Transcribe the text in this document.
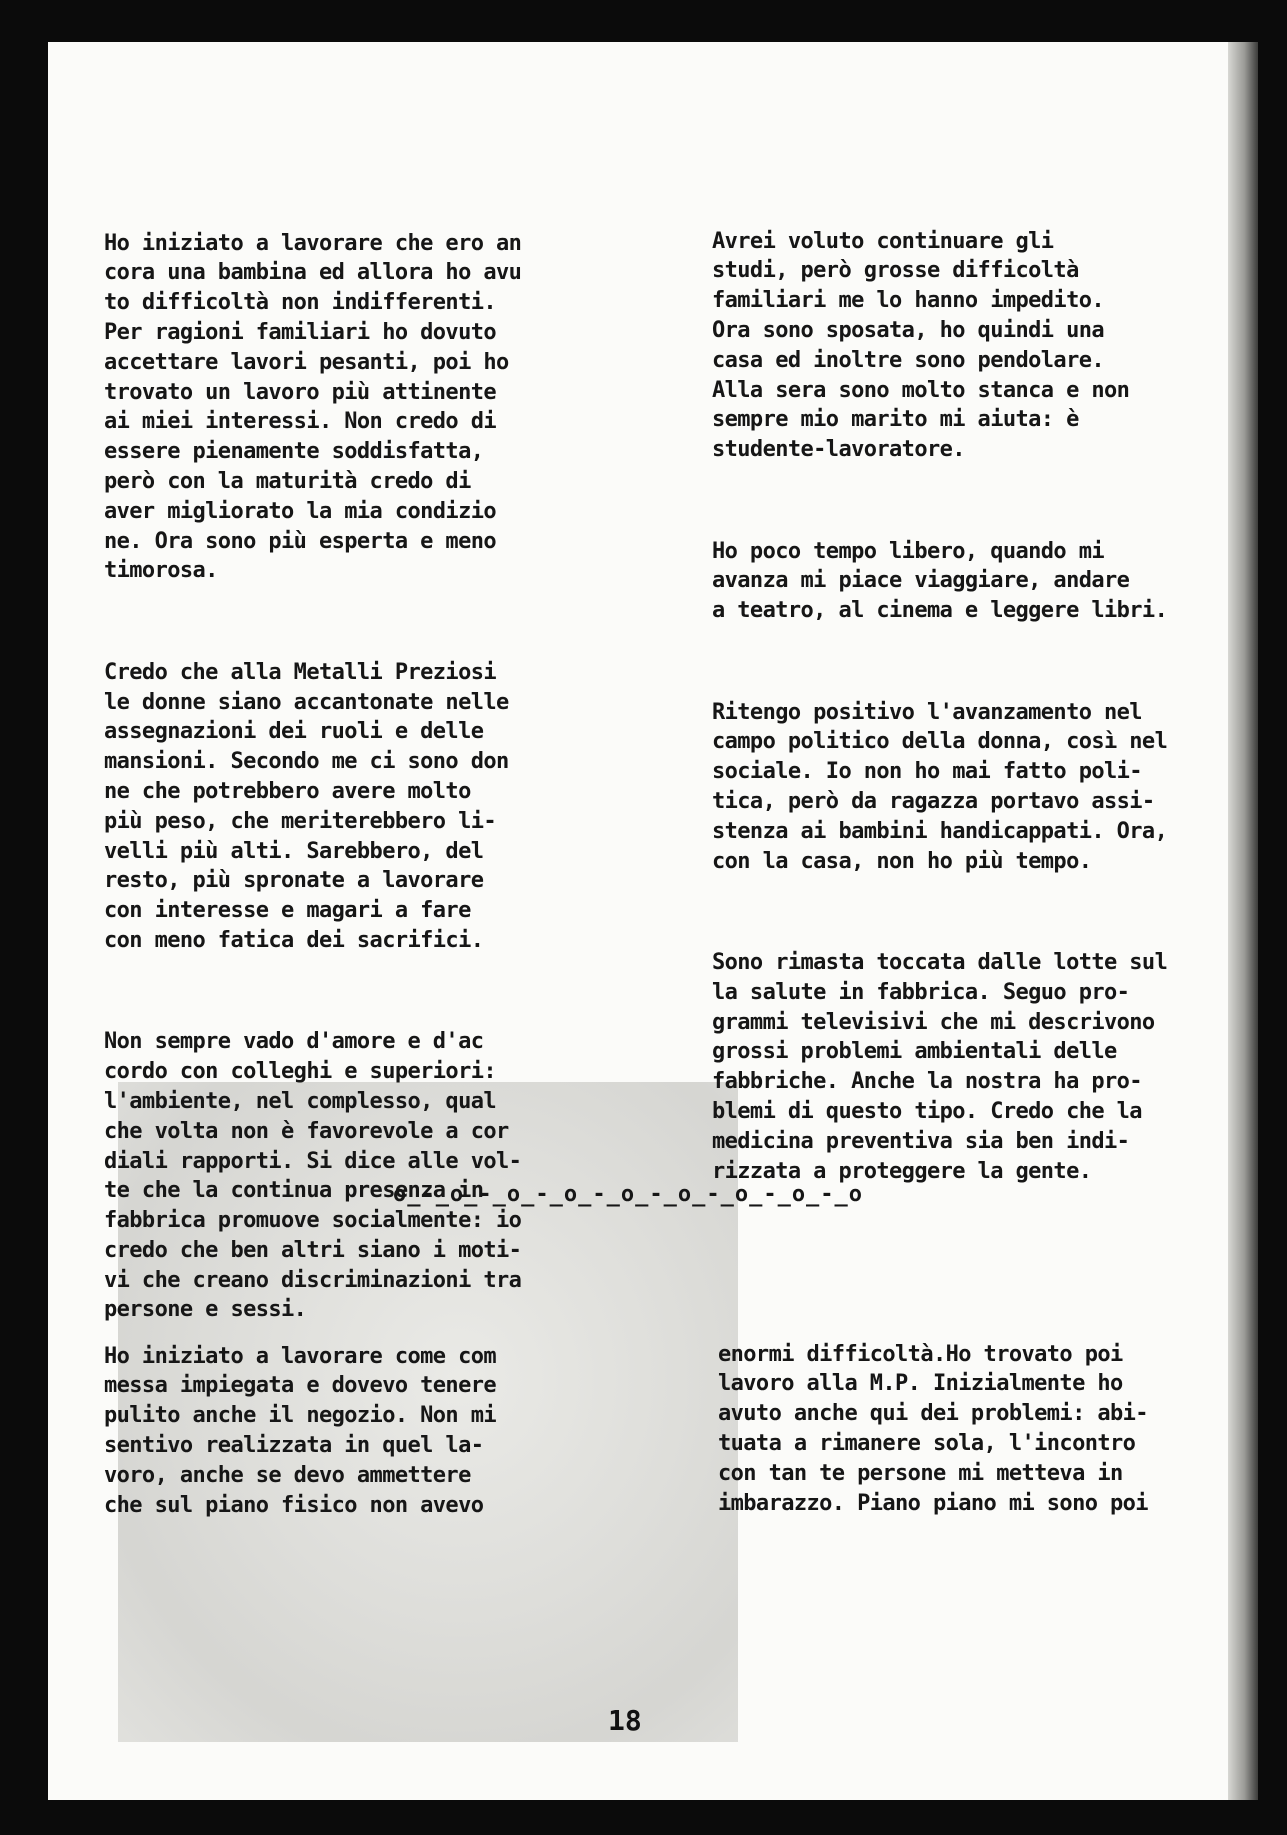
Ho iniziato a lavorare che ero an
cora una bambina ed allora ho avu
to difficoltà non indifferenti.
Per ragioni familiari ho dovuto
accettare lavori pesanti, poi ho
trovato un lavoro più attinente
ai miei interessi. Non credo di
essere pienamente soddisfatta,
però con la maturità credo di
aver migliorato la mia condizio
ne. Ora sono più esperta e meno
timorosa.

Credo che alla Metalli Preziosi
le donne siano accantonate nelle
assegnazioni dei ruoli e delle
mansioni. Secondo me ci sono don
ne che potrebbero avere molto
più peso, che meriterebbero li-
velli più alti. Sarebbero, del
resto, più spronate a lavorare
con interesse e magari a fare
con meno fatica dei sacrifici.

Non sempre vado d'amore e d'ac
cordo con colleghi e superiori:
l'ambiente, nel complesso, qual
che volta non è favorevole a cor
diali rapporti. Si dice alle vol-
te che la continua presenza in
fabbrica promuove socialmente: io
credo che ben altri siano i moti-
vi che creano discriminazioni tra
persone e sessi.

Avrei voluto continuare gli
studi, però grosse difficoltà
familiari me lo hanno impedito.
Ora sono sposata, ho quindi una
casa ed inoltre sono pendolare.
Alla sera sono molto stanca e non
sempre mio marito mi aiuta: è
studente-lavoratore.

Ho poco tempo libero, quando mi
avanza mi piace viaggiare, andare
a teatro, al cinema e leggere libri.

Ritengo positivo l'avanzamento nel
campo politico della donna, così nel
sociale. Io non ho mai fatto poli-
tica, però da ragazza portavo assi-
stenza ai bambini handicappati. Ora,
con la casa, non ho più tempo.

Sono rimasta toccata dalle lotte sul
la salute in fabbrica. Seguo pro-
grammi televisivi che mi descrivono
grossi problemi ambientali delle
fabbriche. Anche la nostra ha pro-
blemi di questo tipo. Credo che la
medicina preventiva sia ben indi-
rizzata a proteggere la gente.

o_-_o_-_o_-_o_-_o_-_o_-_o_-_o_-_o

Ho iniziato a lavorare come com
messa impiegata e dovevo tenere
pulito anche il negozio. Non mi
sentivo realizzata in quel la-
voro, anche se devo ammettere
che sul piano fisico non avevo

enormi difficoltà.Ho trovato poi
lavoro alla M.P. Inizialmente ho
avuto anche qui dei problemi: abi-
tuata a rimanere sola, l'incontro
con tan te persone mi metteva in
imbarazzo. Piano piano mi sono poi

18
